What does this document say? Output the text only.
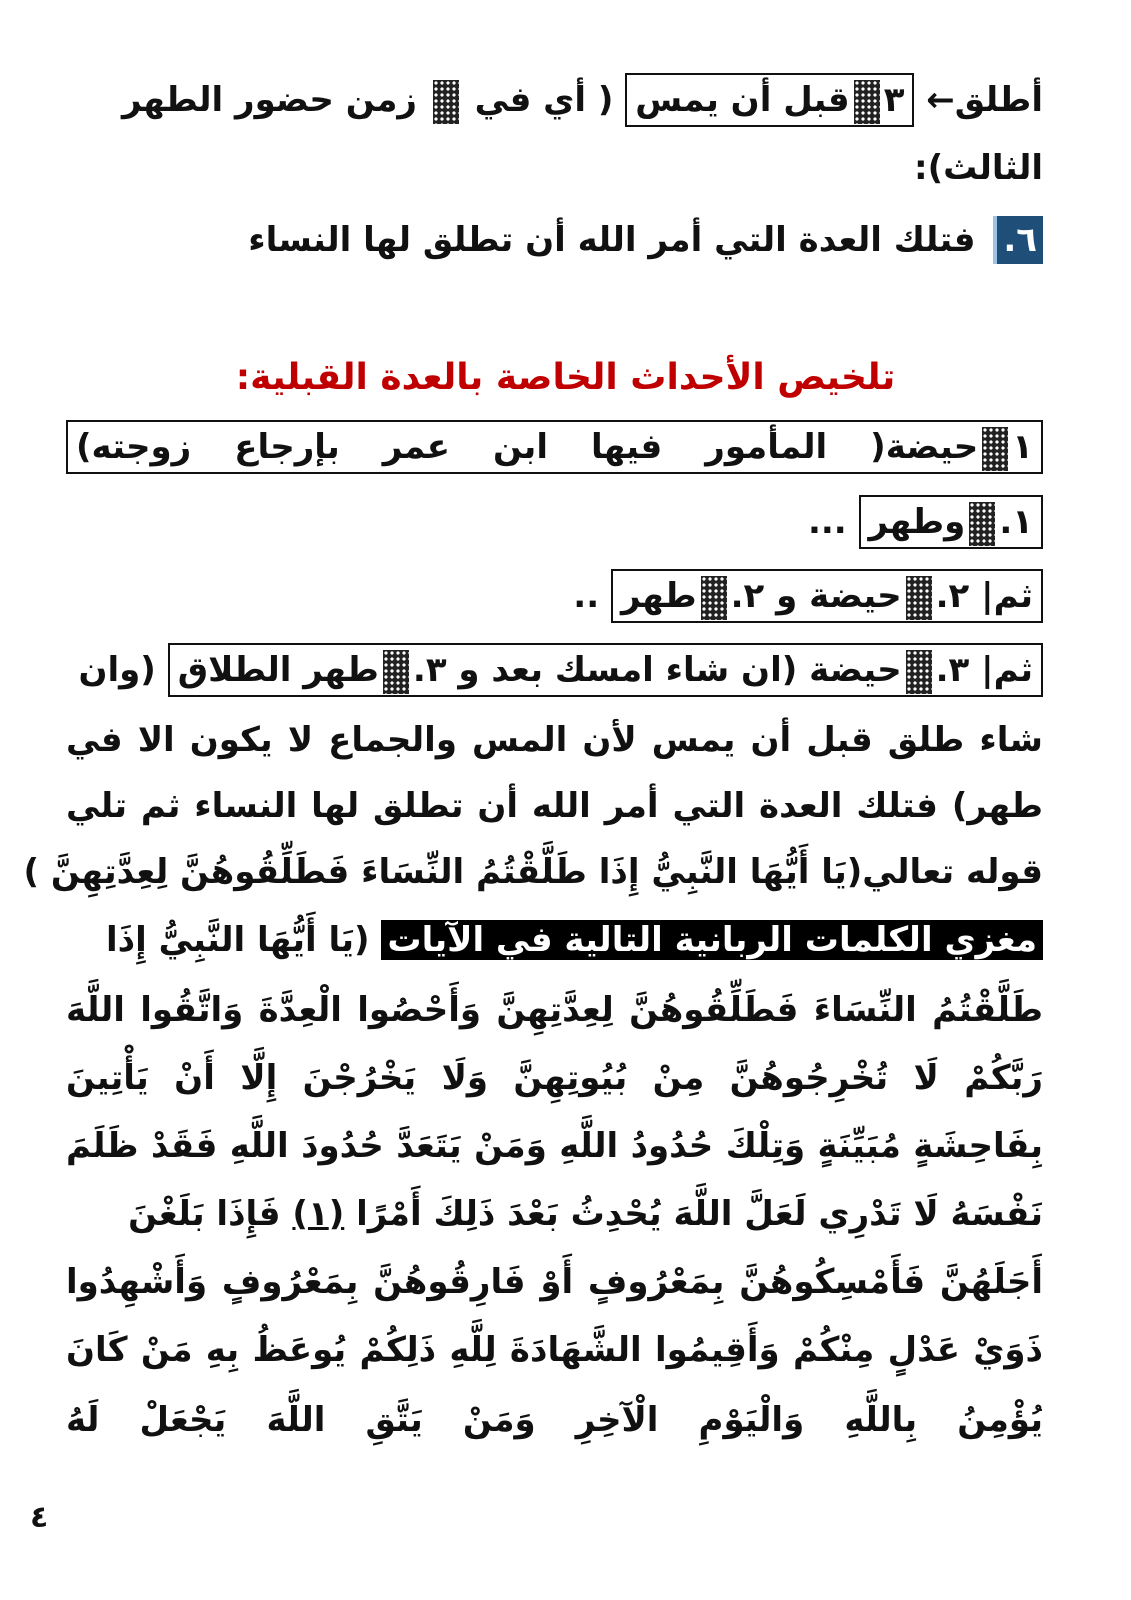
أطلق← ٣قبل أن يمس ( أي في  زمن حضور الطهر
الثالث):
٦. فتلك العدة التي أمر الله أن تطلق لها النساء
تلخيص الأحداث الخاصة بالعدة القبلية:
١حيضة( المأمور فيها ابن عمر بإرجاع زوجته)
١.وطهر ...
ثم| ٢.حيضة و ٢.طهر ..
ثم| ٣.حيضة (ان شاء امسك بعد و ٣.طهر الطلاق (وان
شاء طلق قبل أن يمس لأن المس والجماع لا يكون الا في
طهر) فتلك العدة التي أمر الله أن تطلق لها النساء ثم تلي
قوله تعالي(يَا أَيُّهَا النَّبِيُّ إِذَا طَلَّقْتُمُ النِّسَاءَ فَطَلِّقُوهُنَّ لِعِدَّتِهِنَّ )
مغزي الكلمات الربانية التالية في الآيات (يَا أَيُّهَا النَّبِيُّ إِذَا
طَلَّقْتُمُ النِّسَاءَ فَطَلِّقُوهُنَّ لِعِدَّتِهِنَّ وَأَحْصُوا الْعِدَّةَ وَاتَّقُوا اللَّهَ
رَبَّكُمْ لَا تُخْرِجُوهُنَّ مِنْ بُيُوتِهِنَّ وَلَا يَخْرُجْنَ إِلَّا أَنْ يَأْتِينَ
بِفَاحِشَةٍ مُبَيِّنَةٍ وَتِلْكَ حُدُودُ اللَّهِ وَمَنْ يَتَعَدَّ حُدُودَ اللَّهِ فَقَدْ ظَلَمَ
نَفْسَهُ لَا تَدْرِي لَعَلَّ اللَّهَ يُحْدِثُ بَعْدَ ذَلِكَ أَمْرًا (١) فَإِذَا بَلَغْنَ
أَجَلَهُنَّ فَأَمْسِكُوهُنَّ بِمَعْرُوفٍ أَوْ فَارِقُوهُنَّ بِمَعْرُوفٍ وَأَشْهِدُوا
ذَوَيْ عَدْلٍ مِنْكُمْ وَأَقِيمُوا الشَّهَادَةَ لِلَّهِ ذَلِكُمْ يُوعَظُ بِهِ مَنْ كَانَ
يُؤْمِنُ بِاللَّهِ وَالْيَوْمِ الْآخِرِ وَمَنْ يَتَّقِ اللَّهَ يَجْعَلْ لَهُ
٤
